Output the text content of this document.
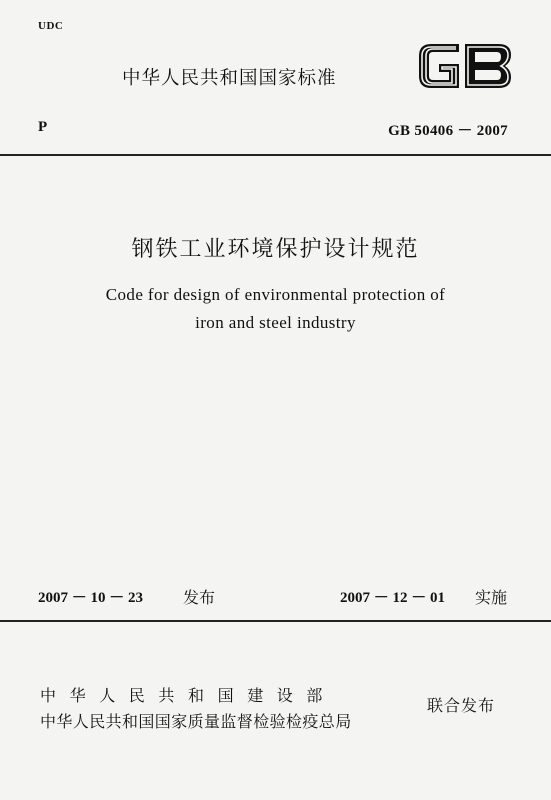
UDC
中华人民共和国国家标准
P	GB 50406 － 2007
钢铁工业环境保护设计规范
Code for design of environmental protection of
iron and steel industry
2007 － 10 － 23 发布	2007 － 12 － 01 实施
中华人民共和国建设部
中华人民共和国国家质量监督检验检疫总局
联合发布
